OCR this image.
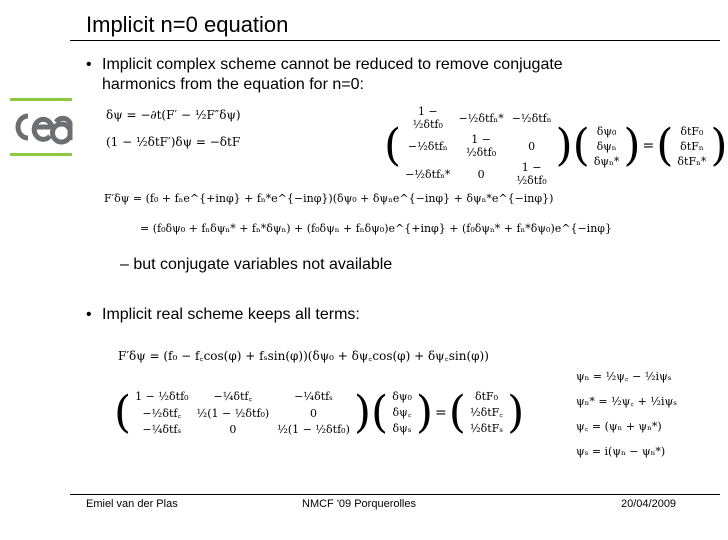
Implicit n=0 equation
• Implicit complex scheme cannot be reduced to remove conjugate
harmonics from the equation for n=0:
δψ = −∂t(F′ − ½F″δψ)
(1 − ½δtF′)δψ = −δtF	(
1 − ½δtf₀	−½δtfₙ*	−½δtfₙ
−½δtfₙ	1 − ½δtf₀	0
−½δtfₙ*	0	1 − ½δtf₀
) ( δψ₀
δψₙ
δψₙ* ) = ( δtF₀
δtFₙ
δtFₙ* )
F′δψ = (f₀ + fₙe^{+inφ} + fₙ*e^{−inφ})(δψ₀ + δψₙe^{−inφ} + δψₙ*e^{−inφ})
= (f₀δψ₀ + fₙδψₙ* + fₙ*δψₙ) + (f₀δψₙ + fₙδψ₀)e^{+inφ} + (f₀δψₙ* + fₙ*δψ₀)e^{−inφ}
– but conjugate variables not available
• Implicit real scheme keeps all terms:
F′δψ = (f₀ − f꜀cos(φ) + fₛsin(φ))(δψ₀ + δψ꜀cos(φ) + δψ꜀sin(φ))
( 1 − ½δtf₀	−¼δtf꜀	−¼δtfₛ
−½δtf꜀	½(1 − ½δtf₀)	0
−¼δtfₛ	0	½(1 − ½δtf₀) ) ( δψ₀
δψ꜀
δψₛ ) = ( δtF₀
½δtF꜀
½δtFₛ )
ψₙ = ½ψ꜀ − ½iψₛ
ψₙ* = ½ψ꜀ + ½iψₛ
ψ꜀ = (ψₙ + ψₙ*)
ψₛ = i(ψₙ − ψₙ*)
Emiel van der Plas	NMCF '09 Porquerolles	20/04/2009
